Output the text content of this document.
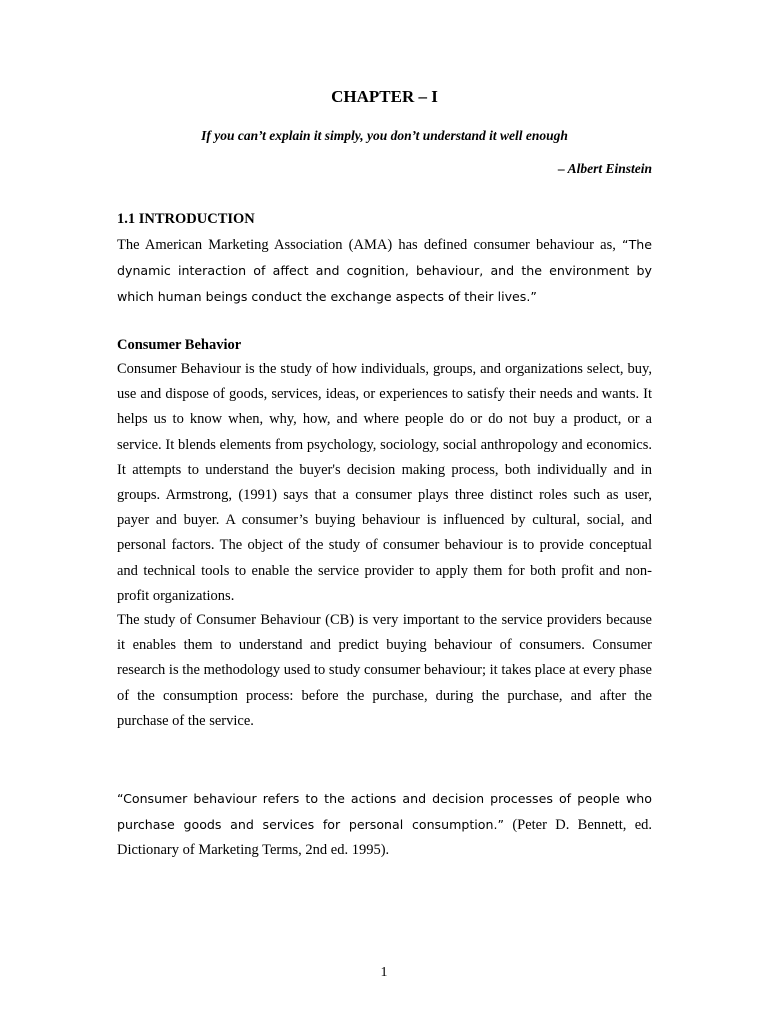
CHAPTER – I

If you can’t explain it simply, you don’t understand it well enough

– Albert Einstein

1.1 INTRODUCTION

The American Marketing Association (AMA) has defined consumer behaviour as, “The dynamic interaction of affect and cognition, behaviour, and the environment by which human beings conduct the exchange aspects of their lives.”

Consumer Behavior

Consumer Behaviour is the study of how individuals, groups, and organizations select, buy, use and dispose of goods, services, ideas, or experiences to satisfy their needs and wants. It helps us to know when, why, how, and where people do or do not buy a product, or a service. It blends elements from psychology, sociology, social anthropology and economics. It attempts to understand the buyer's decision making process, both individually and in groups. Armstrong, (1991) says that a consumer plays three distinct roles such as user, payer and buyer. A consumer’s buying behaviour is influenced by cultural, social, and personal factors. The object of the study of consumer behaviour is to provide conceptual and technical tools to enable the service provider to apply them for both profit and non-profit organizations.

The study of Consumer Behaviour (CB) is very important to the service providers because it enables them to understand and predict buying behaviour of consumers. Consumer research is the methodology used to study consumer behaviour; it takes place at every phase of the consumption process: before the purchase, during the purchase, and after the purchase of the service.

“Consumer behaviour refers to the actions and decision processes of people who purchase goods and services for personal consumption.” (Peter D. Bennett, ed. Dictionary of Marketing Terms, 2nd ed. 1995).

1
